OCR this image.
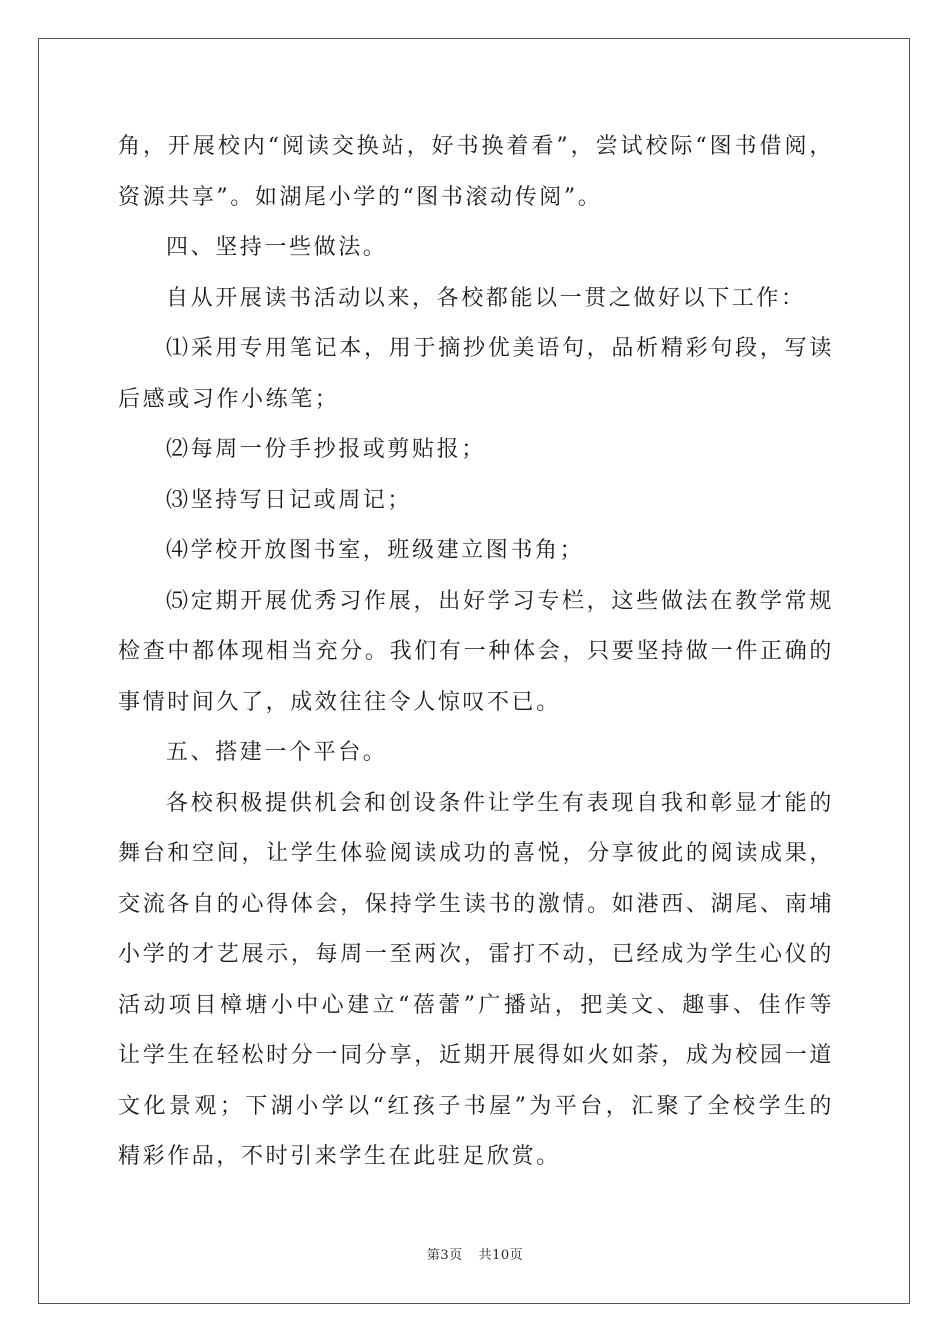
角，开展校内“阅读交换站，好书换着看”，尝试校际“图书借阅，资源共享”。如湖尾小学的“图书滚动传阅”。

四、坚持一些做法。

自从开展读书活动以来，各校都能以一贯之做好以下工作：

⑴采用专用笔记本，用于摘抄优美语句，品析精彩句段，写读后感或习作小练笔；

⑵每周一份手抄报或剪贴报；

⑶坚持写日记或周记；

⑷学校开放图书室，班级建立图书角；

⑸定期开展优秀习作展，出好学习专栏，这些做法在教学常规检查中都体现相当充分。我们有一种体会，只要坚持做一件正确的事情时间久了，成效往往令人惊叹不已。

五、搭建一个平台。

各校积极提供机会和创设条件让学生有表现自我和彰显才能的舞台和空间，让学生体验阅读成功的喜悦，分享彼此的阅读成果，交流各自的心得体会，保持学生读书的激情。如港西、湖尾、南埔小学的才艺展示，每周一至两次，雷打不动，已经成为学生心仪的活动项目樟塘小中心建立“蓓蕾”广播站，把美文、趣事、佳作等让学生在轻松时分一同分享，近期开展得如火如荼，成为校园一道文化景观；下湖小学以“红孩子书屋”为平台，汇聚了全校学生的精彩作品，不时引来学生在此驻足欣赏。

第3页 共10页
